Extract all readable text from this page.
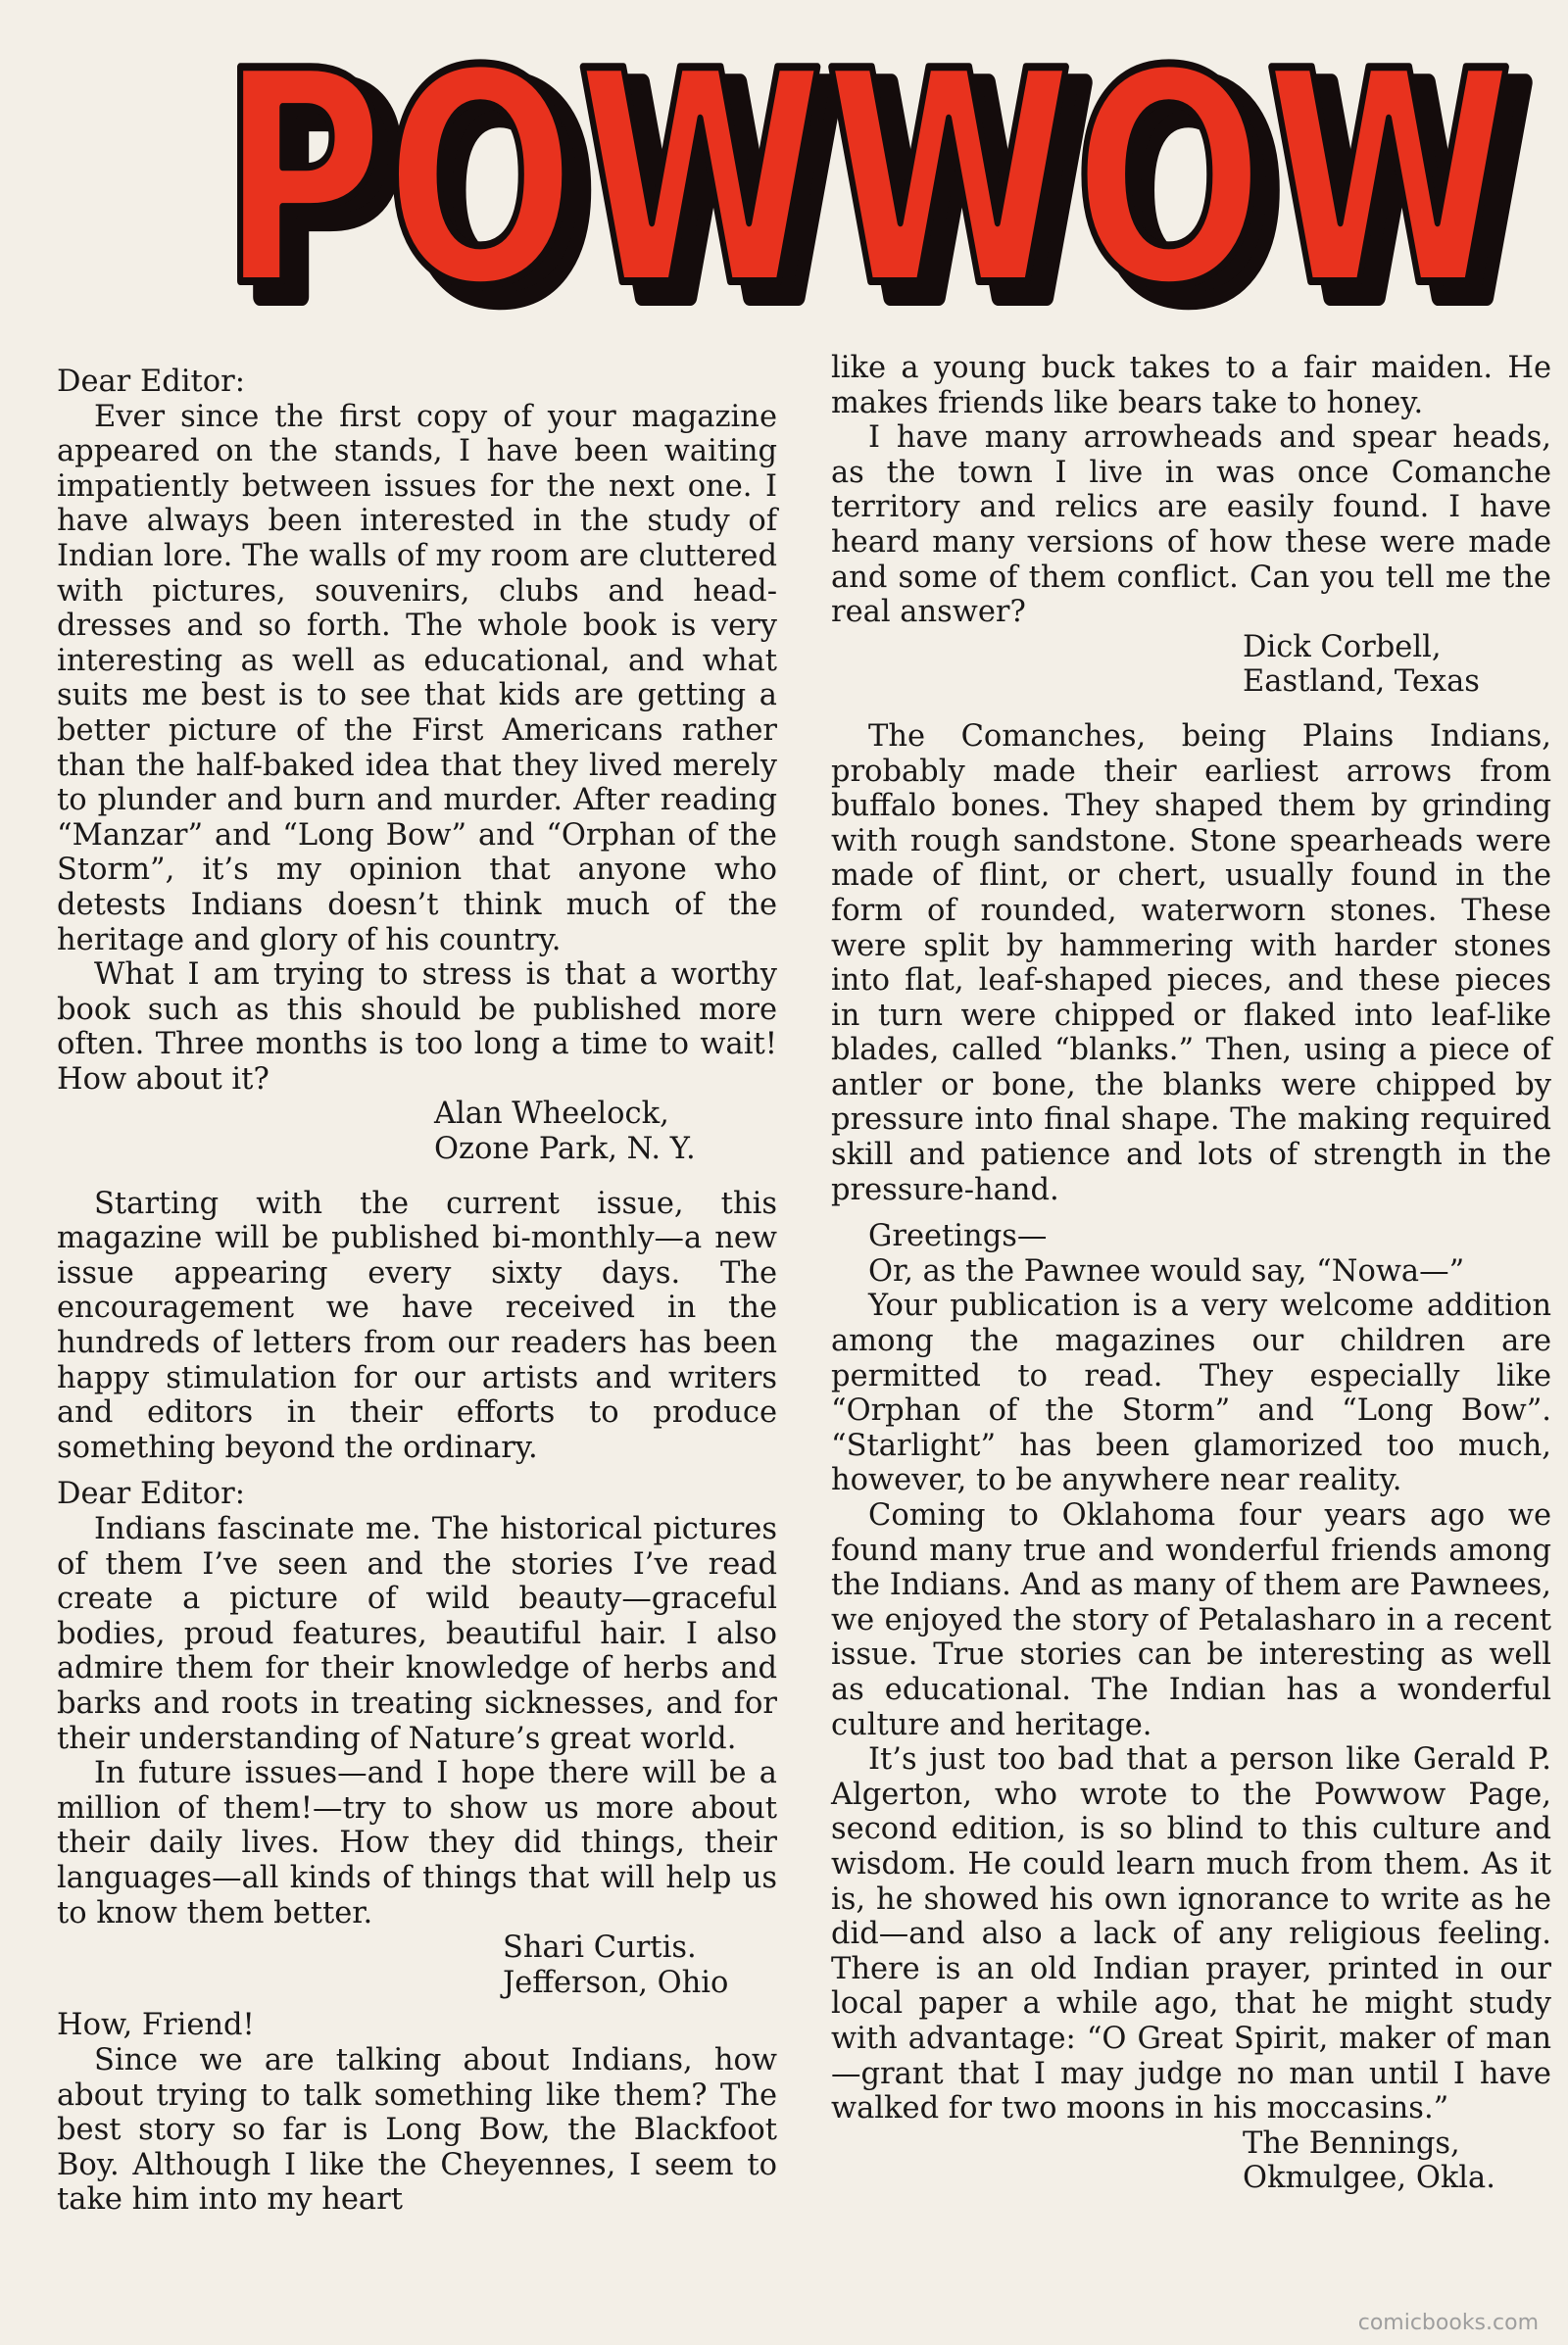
POWWOW
POWWOW

Dear Editor:

Ever since the first copy of your magazine appeared on the stands, I have been waiting impatiently between issues for the next one. I have always been interested in the study of Indian lore. The walls of my room are cluttered with pictures, souvenirs, clubs and head-dresses and so forth. The whole book is very interesting as well as educational, and what suits me best is to see that kids are getting a better picture of the First Americans rather than the half-baked idea that they lived merely to plunder and burn and murder. After reading “Manzar” and “Long Bow” and “Orphan of the Storm”, it’s my opinion that anyone who detests Indians doesn’t think much of the heritage and glory of his country.

What I am trying to stress is that a worthy book such as this should be published more often. Three months is too long a time to wait! How about it?

Alan Wheelock,

Ozone Park, N. Y.

Starting with the current issue, this magazine will be published bi-monthly—a new issue appearing every sixty days. The encouragement we have received in the hundreds of letters from our readers has been happy stimulation for our artists and writers and editors in their efforts to produce something beyond the ordinary.

Dear Editor:

Indians fascinate me. The historical pictures of them I’ve seen and the stories I’ve read create a picture of wild beauty—graceful bodies, proud features, beautiful hair. I also admire them for their knowledge of herbs and barks and roots in treating sicknesses, and for their understanding of Nature’s great world.

In future issues—and I hope there will be a million of them!—try to show us more about their daily lives. How they did things, their languages—all kinds of things that will help us to know them better.

Shari Curtis.

Jefferson, Ohio

How, Friend!

Since we are talking about Indians, how about trying to talk something like them? The best story so far is Long Bow, the Blackfoot Boy. Although I like the Cheyennes, I seem to take him into my heart

like a young buck takes to a fair maiden. He makes friends like bears take to honey.

I have many arrowheads and spear heads, as the town I live in was once Comanche territory and relics are easily found. I have heard many versions of how these were made and some of them conflict. Can you tell me the real answer?

Dick Corbell,

Eastland, Texas

The Comanches, being Plains Indians, probably made their earliest arrows from buffalo bones. They shaped them by grinding with rough sandstone. Stone spearheads were made of flint, or chert, usually found in the form of rounded, waterworn stones. These were split by hammering with harder stones into flat, leaf-shaped pieces, and these pieces in turn were chipped or flaked into leaf-like blades, called “blanks.” Then, using a piece of antler or bone, the blanks were chipped by pressure into final shape. The making required skill and patience and lots of strength in the pressure-hand.

Greetings—

Or, as the Pawnee would say, “Nowa—”

Your publication is a very welcome addition among the magazines our children are permitted to read. They especially like “Orphan of the Storm” and “Long Bow”. “Starlight” has been glamorized too much, however, to be anywhere near reality.

Coming to Oklahoma four years ago we found many true and wonderful friends among the Indians. And as many of them are Pawnees, we enjoyed the story of Petalasharo in a recent issue. True stories can be interesting as well as educational. The Indian has a wonderful culture and heritage.

It’s just too bad that a person like Gerald P. Algerton, who wrote to the Powwow Page, second edition, is so blind to this culture and wisdom. He could learn much from them. As it is, he showed his own ignorance to write as he did—and also a lack of any religious feeling. There is an old Indian prayer, printed in our local paper a while ago, that he might study with advantage: “O Great Spirit, maker of man—grant that I may judge no man until I have walked for two moons in his moccasins.”

The Bennings,

Okmulgee, Okla.

comicbooks.com
